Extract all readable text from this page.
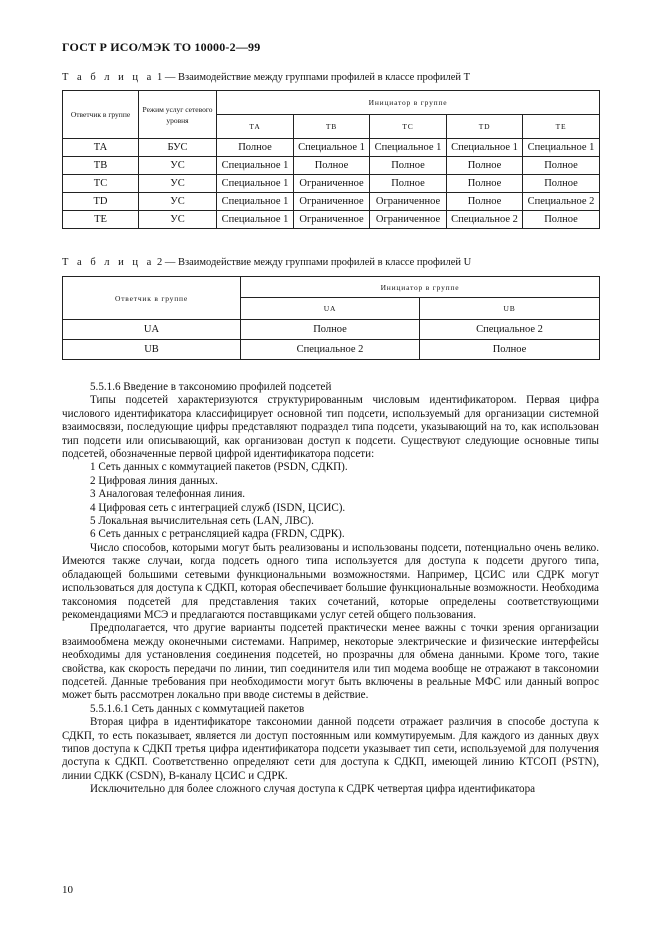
ГОСТ Р ИСО/МЭК ТО 10000-2—99
Т а б л и ц а 1 — Взаимодействие между группами профилей в классе профилей Т
Ответчик в группе	Режим услуг сетевого уровня	Инициатор в группе				
		ТА	ТВ	ТС	TD	ТЕ
ТА	БУС	Полное	Специальное 1	Специальное 1	Специальное 1	Специальное 1
ТВ	УС	Специальное 1	Полное	Полное	Полное	Полное
ТС	УС	Специальное 1	Ограниченное	Полное	Полное	Полное
TD	УС	Специальное 1	Ограниченное	Ограниченное	Полное	Специальное 2
ТЕ	УС	Специальное 1	Ограниченное	Ограниченное	Специальное 2	Полное
Т а б л и ц а 2 — Взаимодействие между группами профилей в классе профилей U
Ответчик в группе	Инициатор в группе	
	UA	UB
UA	Полное	Специальное 2
UB	Специальное 2	Полное

5.5.1.6 Введение в таксономию профилей подсетей

Типы подсетей характеризуются структурированным числовым идентификатором. Первая цифра числового идентификатора классифицирует основной тип подсети, используемый для организации системной взаимосвязи, последующие цифры представляют подраздел типа подсети, указывающий на то, как использован тип подсети или описывающий, как организован доступ к подсети. Существуют следующие основные типы подсетей, обозначенные первой цифрой идентификатора подсети:

1 Сеть данных с коммутацией пакетов (PSDN, СДКП).

2 Цифровая линия данных.

3 Аналоговая телефонная линия.

4 Цифровая сеть с интеграцией служб (ISDN, ЦСИС).

5 Локальная вычислительная сеть (LAN, ЛВС).

6 Сеть данных с ретрансляцией кадра (FRDN, СДРК).

Число способов, которыми могут быть реализованы и использованы подсети, потенциально очень велико. Имеются также случаи, когда подсеть одного типа используется для доступа к подсети другого типа, обладающей большими сетевыми функциональными возможностями. Например, ЦСИС или СДРК могут использоваться для доступа к СДКП, которая обеспечивает большие функциональные возможности. Необходима таксономия подсетей для представления таких сочетаний, которые определены соответствующими рекомендациями МСЭ и предлагаются поставщиками услуг сетей общего пользования.

Предполагается, что другие варианты подсетей практически менее важны с точки зрения организации взаимообмена между оконечными системами. Например, некоторые электрические и физические интерфейсы необходимы для установления соединения подсетей, но прозрачны для обмена данными. Кроме того, такие свойства, как скорость передачи по линии, тип соединителя или тип модема вообще не отражают в таксономии подсетей. Данные требования при необходимости могут быть включены в реальные МФС или данный вопрос может быть рассмотрен локально при вводе системы в действие.

5.5.1.6.1 Сеть данных с коммутацией пакетов

Вторая цифра в идентификаторе таксономии данной подсети отражает различия в способе доступа к СДКП, то есть показывает, является ли доступ постоянным или коммутируемым. Для каждого из данных двух типов доступа к СДКП третья цифра идентификатора подсети указывает тип сети, используемой для получения доступа к СДКП. Соответственно определяют сети для доступа к СДКП, имеющей линию КТСОП (PSTN), линии СДКК (CSDN), В-каналу ЦСИС и СДРК.

Исключительно для более сложного случая доступа к СДРК четвертая цифра идентификатора

10
